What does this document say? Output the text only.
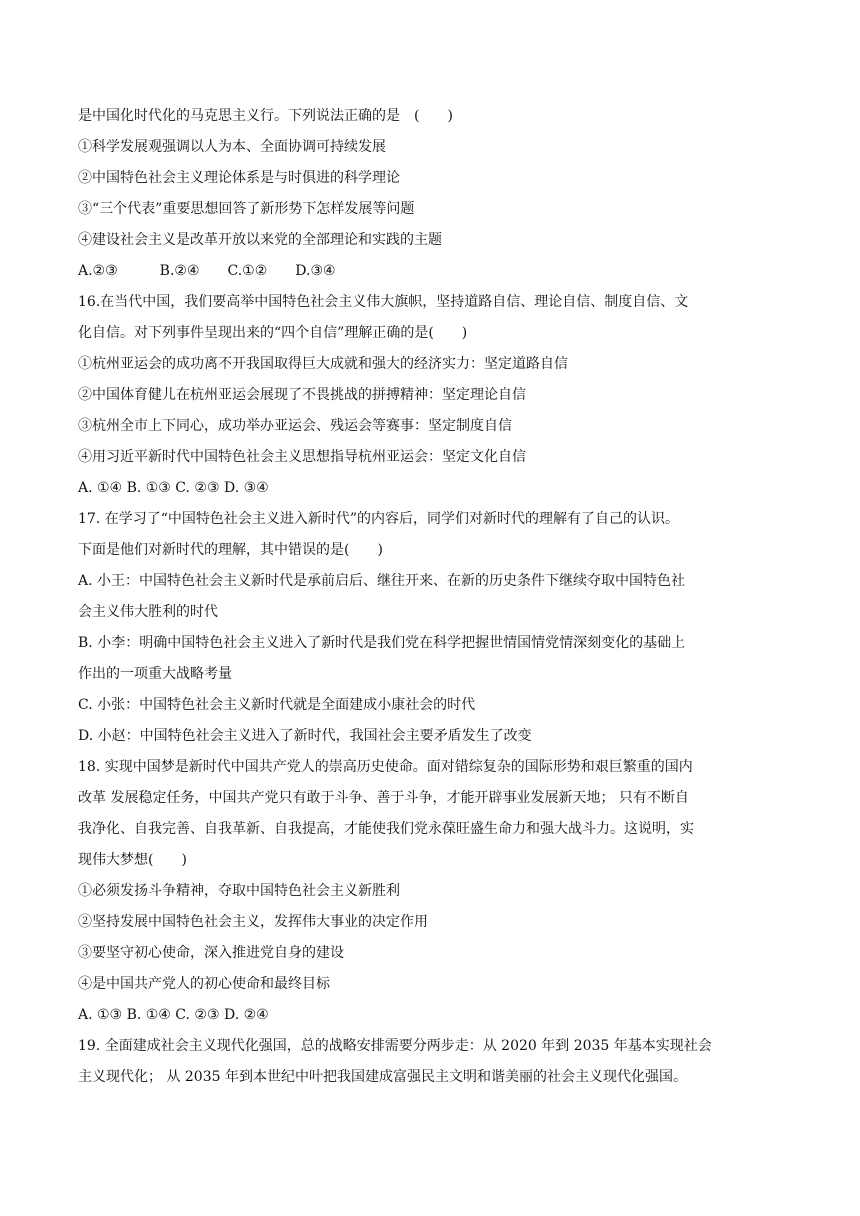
是中国化时代化的马克思主义行。下列说法正确的是　(　　)
①科学发展观强调以人为本、全面协调可持续发展
②中国特色社会主义理论体系是与时俱进的科学理论
③“三个代表”重要思想回答了新形势下怎样发展等问题
④建设社会主义是改革开放以来党的全部理论和实践的主题
A.②③　　　B.②④　　C.①②　　D.③④
16.在当代中国，我们要高举中国特色社会主义伟大旗帜，坚持道路自信、理论自信、制度自信、文
化自信。对下列事件呈现出来的“四个自信”理解正确的是(　　)
①杭州亚运会的成功离不开我国取得巨大成就和强大的经济实力：坚定道路自信
②中国体育健儿在杭州亚运会展现了不畏挑战的拼搏精神：坚定理论自信
③杭州全市上下同心，成功举办亚运会、残运会等赛事：坚定制度自信
④用习近平新时代中国特色社会主义思想指导杭州亚运会：坚定文化自信
A. ①④ B. ①③ C. ②③ D. ③④
17. 在学习了“中国特色社会主义进入新时代”的内容后，同学们对新时代的理解有了自己的认识。
下面是他们对新时代的理解，其中错误的是(　　)
A. 小王：中国特色社会主义新时代是承前启后、继往开来、在新的历史条件下继续夺取中国特色社
会主义伟大胜利的时代
B. 小李：明确中国特色社会主义进入了新时代是我们党在科学把握世情国情党情深刻变化的基础上
作出的一项重大战略考量
C. 小张：中国特色社会主义新时代就是全面建成小康社会的时代
D. 小赵：中国特色社会主义进入了新时代，我国社会主要矛盾发生了改变
18. 实现中国梦是新时代中国共产党人的崇高历史使命。面对错综复杂的国际形势和艰巨繁重的国内
改革 发展稳定任务，中国共产党只有敢于斗争、善于斗争，才能开辟事业发展新天地； 只有不断自
我净化、自我完善、自我革新、自我提高，才能使我们党永葆旺盛生命力和强大战斗力。这说明，实
现伟大梦想(　　)
①必须发扬斗争精神，夺取中国特色社会主义新胜利
②坚持发展中国特色社会主义，发挥伟大事业的决定作用
③要坚守初心使命，深入推进党自身的建设
④是中国共产党人的初心使命和最终目标
A. ①③ B. ①④ C. ②③ D. ②④
19. 全面建成社会主义现代化强国，总的战略安排需要分两步走：从 2020 年到 2035 年基本实现社会
主义现代化； 从 2035 年到本世纪中叶把我国建成富强民主文明和谐美丽的社会主义现代化强国。
